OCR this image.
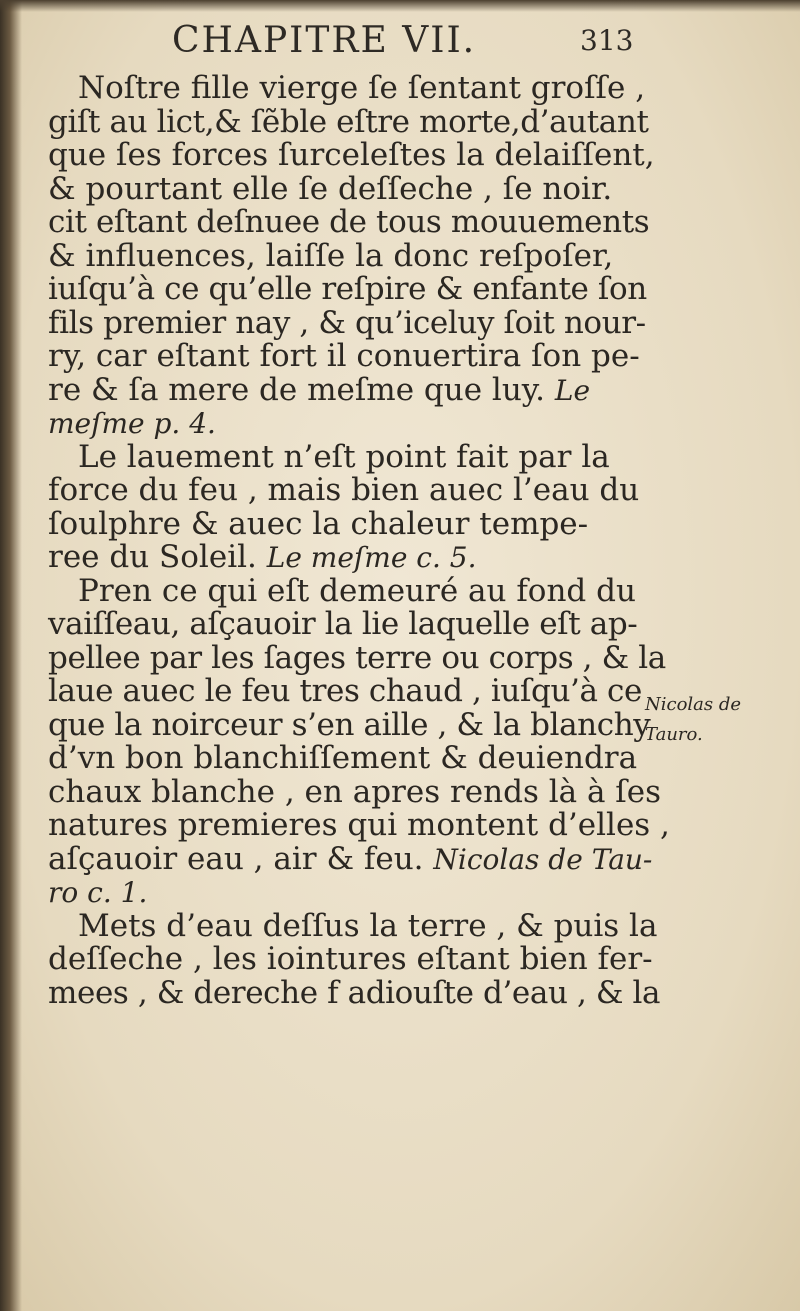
CHAPITRE VII.	313
Noſtre fille vierge ſe ſentant groſſe ,
giſt au lict,& ſẽble eſtre morte,d’autant
que ſes forces ſurceleſtes la delaiſſent,
& pourtant elle ſe deſſeche , ſe noir.
cit eſtant deſnuee de tous mouuements
& influences, laiſſe la donc reſpoſer,
iuſqu’à ce qu’elle reſpire & enfante ſon
fils premier nay , & qu’iceluy ſoit nour-
ry, car eſtant fort il conuertira ſon pe-
re & ſa mere de meſme que luy. Le
meſme p. 4.
Le lauement n’eſt point fait par la
force du feu , mais bien auec l’eau du
ſoulphre & auec la chaleur tempe-
ree du Soleil. Le meſme c. 5.
Pren ce qui eſt demeuré au fond du
vaiſſeau, aſçauoir la lie laquelle eſt ap-
pellee par les ſages terre ou corps , & la
laue auec le feu tres chaud , iuſqu’à ce
que la noirceur s’en aille , & la blanchy
d’vn bon blanchiſſement & deuiendra
chaux blanche , en apres rends là à ſes
natures premieres qui montent d’elles ,
aſçauoir eau , air & feu. Nicolas de Tau-
ro c. 1.
Mets d’eau deſſus la terre , & puis la
deſſeche , les iointures eſtant bien fer-
mees , & dereche f adiouſte d’eau , & la
Nicolas de
Tauro.
